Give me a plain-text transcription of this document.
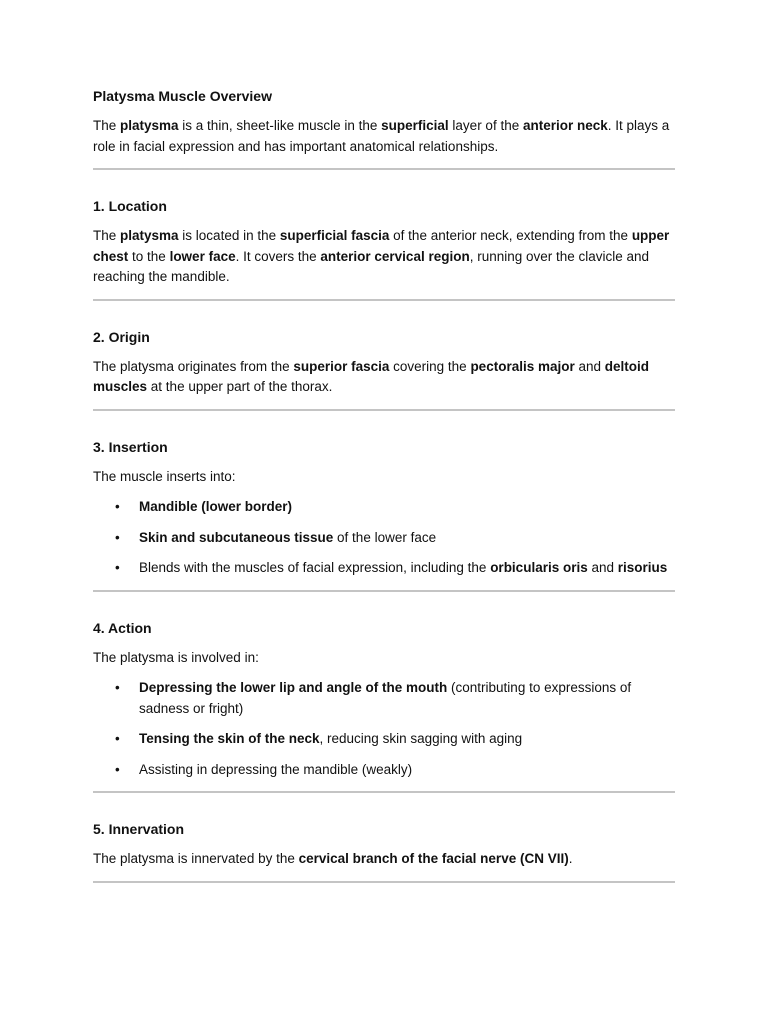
Platysma Muscle Overview

The platysma is a thin, sheet-like muscle in the superficial layer of the anterior neck. It plays a role in facial expression and has important anatomical relationships.

1. Location

The platysma is located in the superficial fascia of the anterior neck, extending from the upper chest to the lower face. It covers the anterior cervical region, running over the clavicle and reaching the mandible.

2. Origin

The platysma originates from the superior fascia covering the pectoralis major and deltoid muscles at the upper part of the thorax.

3. Insertion

The muscle inserts into:

• Mandible (lower border)
• Skin and subcutaneous tissue of the lower face
• Blends with the muscles of facial expression, including the orbicularis oris and risorius
4. Action

The platysma is involved in:

• Depressing the lower lip and angle of the mouth (contributing to expressions of sadness or fright)
• Tensing the skin of the neck, reducing skin sagging with aging
• Assisting in depressing the mandible (weakly)
5. Innervation

The platysma is innervated by the cervical branch of the facial nerve (CN VII).
